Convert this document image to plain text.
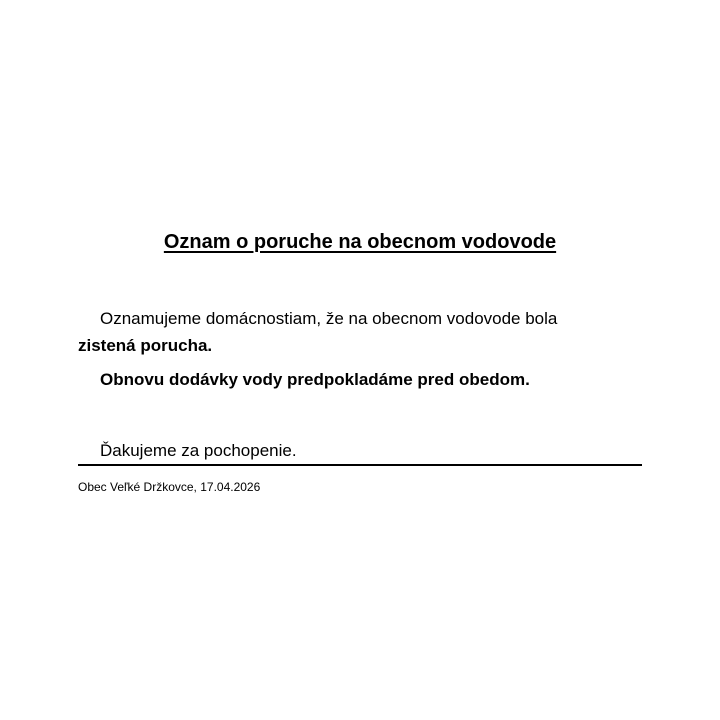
Oznam o poruche na obecnom vodovode

Oznamujeme domácnostiam, že na obecnom vodovode bola zistená porucha.

Obnovu dodávky vody predpokladáme pred obedom.

Ďakujeme za pochopenie.

Obec Veľké Držkovce, 17.04.2026
